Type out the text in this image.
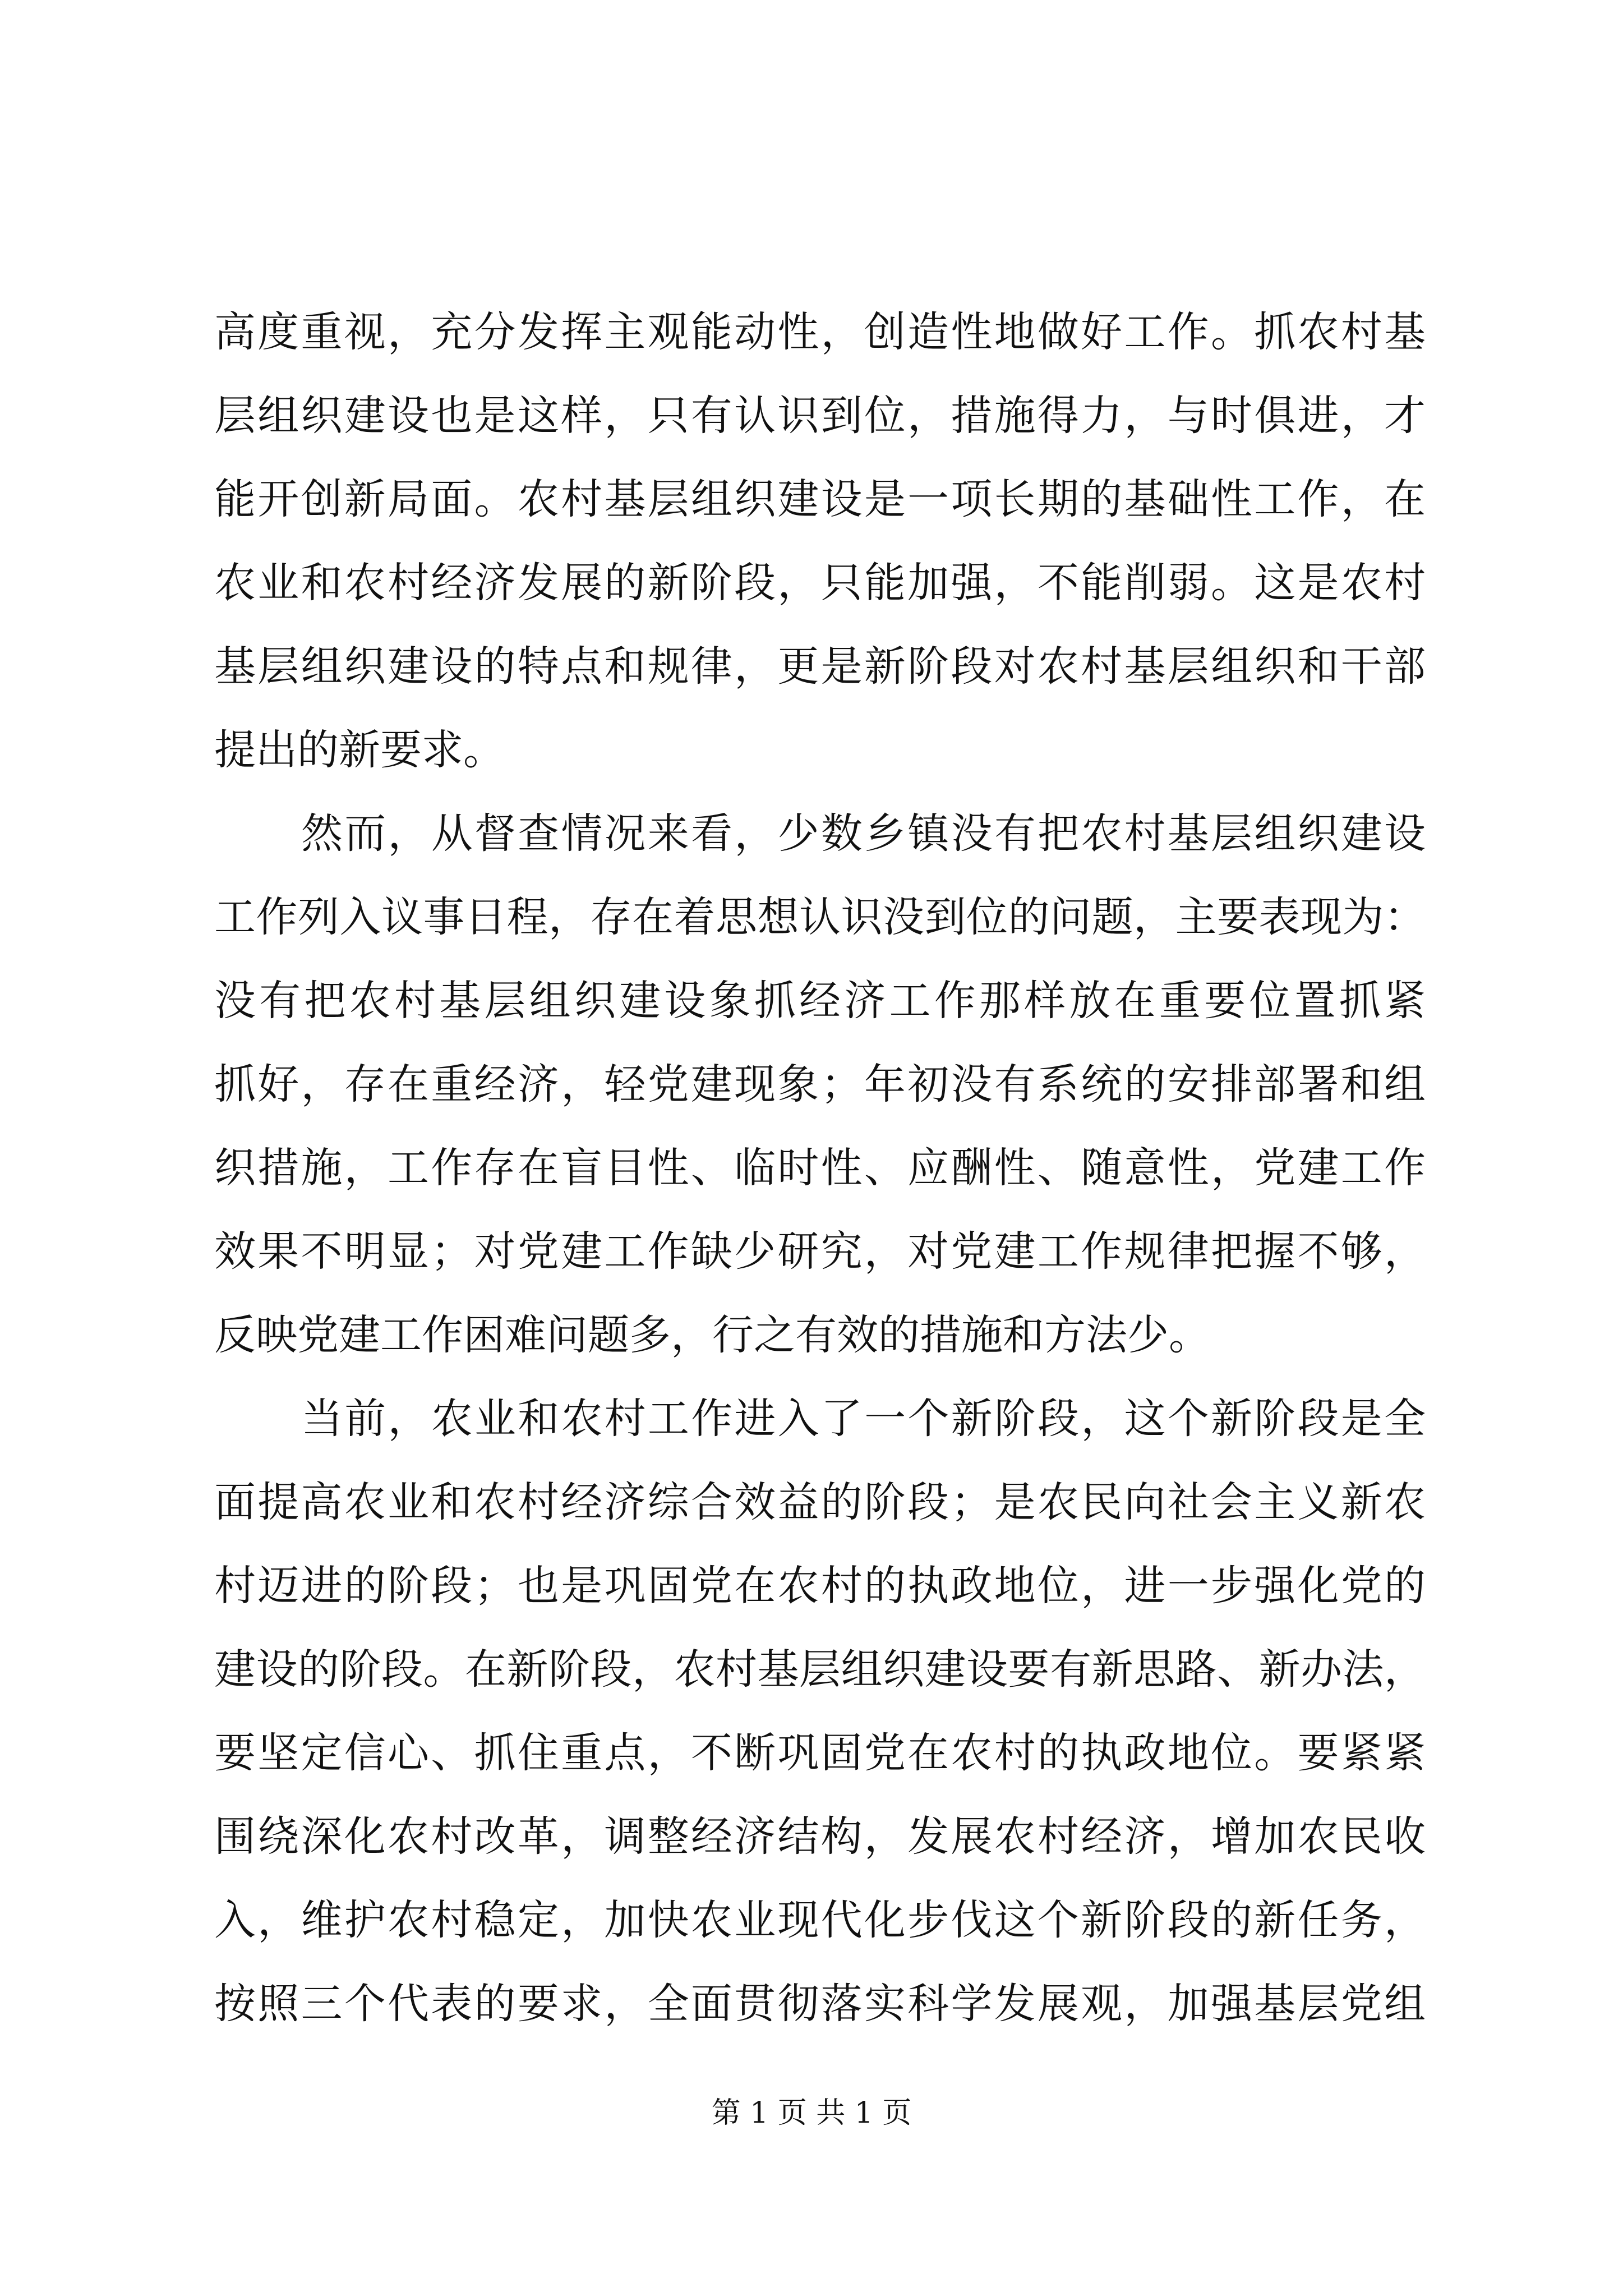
高度重视，充分发挥主观能动性，创造性地做好工作。抓农村基
层组织建设也是这样，只有认识到位，措施得力，与时俱进，才
能开创新局面。农村基层组织建设是一项长期的基础性工作，在
农业和农村经济发展的新阶段，只能加强，不能削弱。这是农村
基层组织建设的特点和规律，更是新阶段对农村基层组织和干部
提出的新要求。
然而，从督查情况来看，少数乡镇没有把农村基层组织建设
工作列入议事日程，存在着思想认识没到位的问题，主要表现为：
没有把农村基层组织建设象抓经济工作那样放在重要位置抓紧
抓好，存在重经济，轻党建现象；年初没有系统的安排部署和组
织措施，工作存在盲目性、临时性、应酬性、随意性，党建工作
效果不明显；对党建工作缺少研究，对党建工作规律把握不够，
反映党建工作困难问题多，行之有效的措施和方法少。
当前，农业和农村工作进入了一个新阶段，这个新阶段是全
面提高农业和农村经济综合效益的阶段；是农民向社会主义新农
村迈进的阶段；也是巩固党在农村的执政地位，进一步强化党的
建设的阶段。在新阶段，农村基层组织建设要有新思路、新办法，
要坚定信心、抓住重点，不断巩固党在农村的执政地位。要紧紧
围绕深化农村改革，调整经济结构，发展农村经济，增加农民收
入，维护农村稳定，加快农业现代化步伐这个新阶段的新任务，
按照三个代表的要求，全面贯彻落实科学发展观，加强基层党组
第 1 页 共 1 页
